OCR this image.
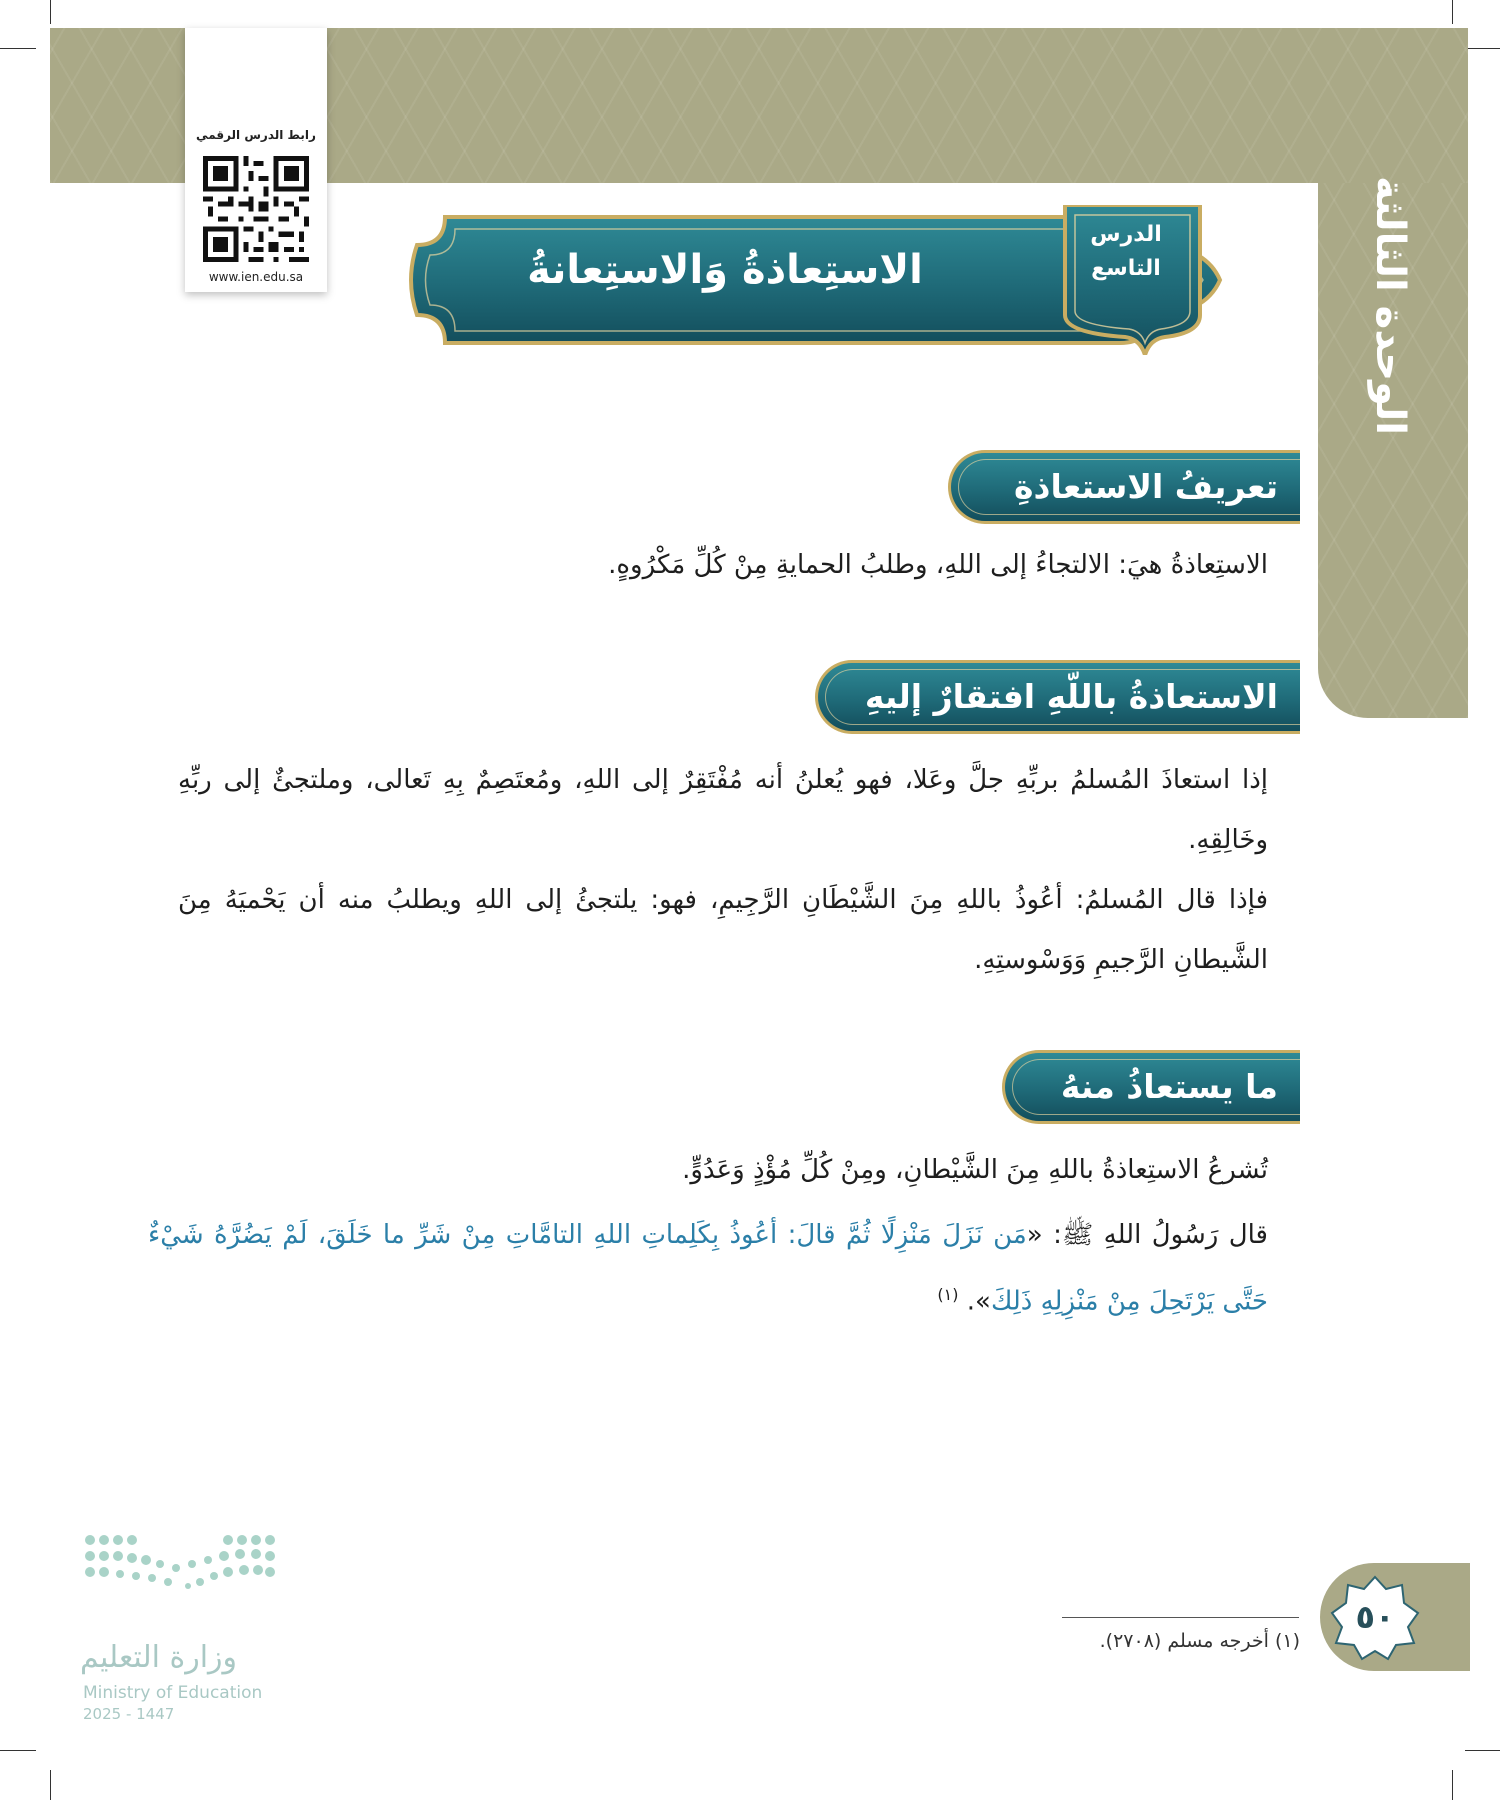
الوحدة الثالثة
رابط الدرس الرقمي
www.ien.edu.sa	الاستِعاذةُ وَالاستِعانةُ
الدرس
التاسع
تعريفُ الاستعاذةِ
الاستِعاذةُ هيَ: الالتجاءُ إلى اللهِ، وطلبُ الحمايةِ مِنْ كُلِّ مَكْرُوهٍ.
الاستعاذةُ باللّهِ افتقارٌ إليهِ
إذا استعاذَ المُسلمُ بربِّهِ جلَّ وعَلا، فهو يُعلنُ أنه مُفْتَقِرٌ إلى اللهِ، ومُعتَصِمٌ بِهِ تَعالى، وملتجئٌ إلى ربِّهِ وخَالِقِهِ.
فإذا قال المُسلمُ: أعُوذُ باللهِ مِنَ الشَّيْطَانِ الرَّجِيمِ، فهو: يلتجئُ إلى اللهِ ويطلبُ منه أن يَحْميَهُ مِنَ الشَّيطانِ الرَّجيمِ وَوَسْوستِهِ.
ما يستعاذُ منهُ
تُشرعُ الاستِعاذةُ باللهِ مِنَ الشَّيْطانِ، ومِنْ كُلِّ مُؤْذٍ وَعَدُوٍّ.
قال رَسُولُ اللهِ ﷺ: «مَن نَزَلَ مَنْزِلًا ثُمَّ قالَ: أعُوذُ بِكَلِماتِ اللهِ التامَّاتِ مِنْ شَرِّ ما خَلَقَ، لَمْ يَضُرَّهُ شَيْءٌ حَتَّى يَرْتَحِلَ مِنْ مَنْزِلِهِ ذَلِكَ». $^{(١)}$
(١) أخرجه مسلم (٢٧٠٨).
٥٠
وزارة التعليم
Ministry of Education
2025 - 1447
